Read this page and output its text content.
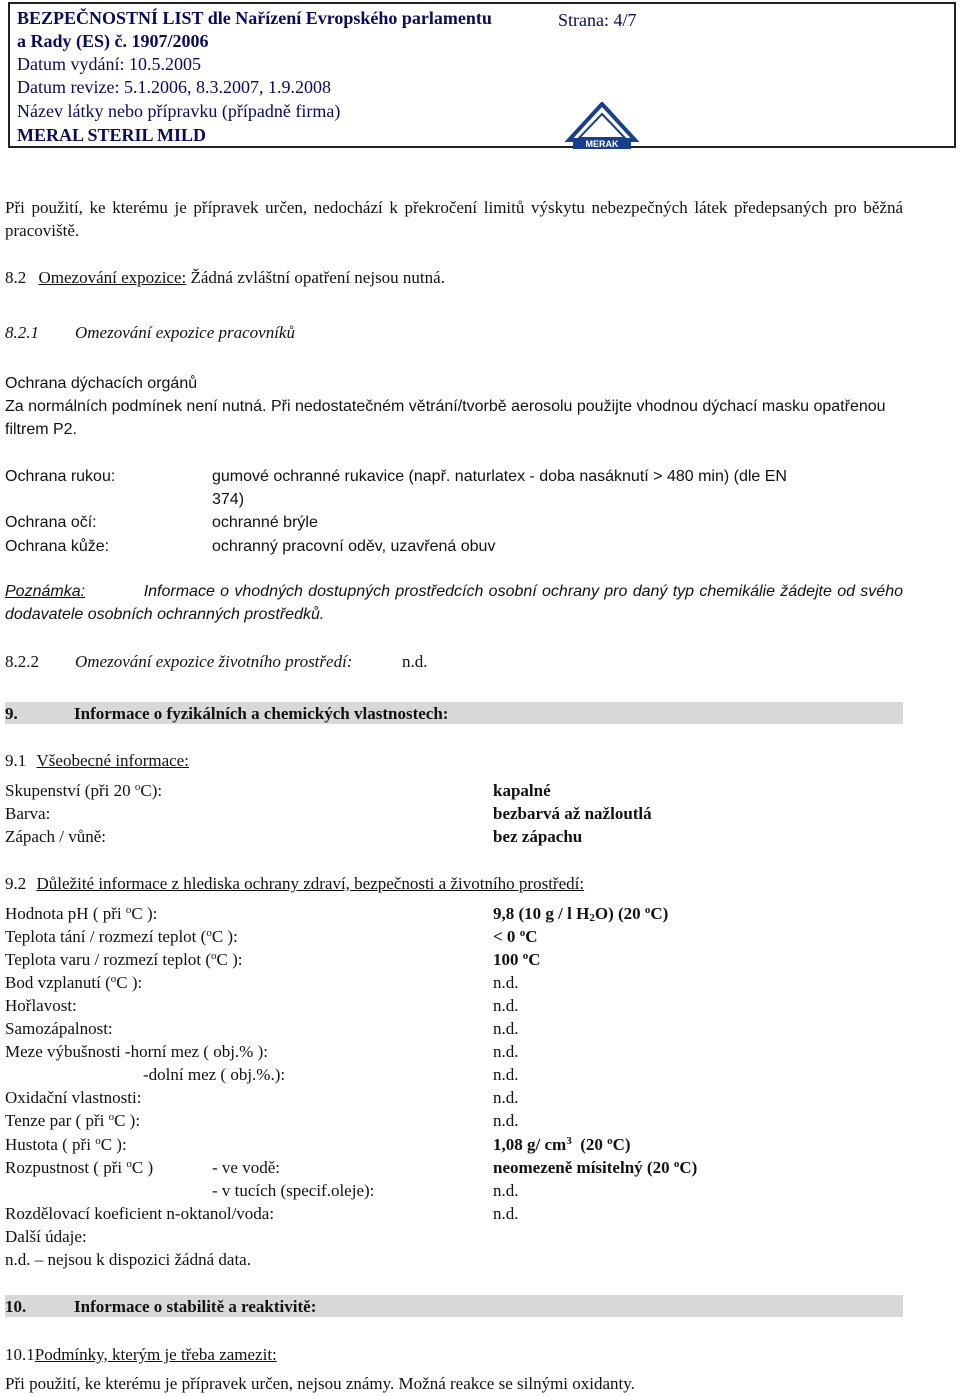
BEZPEČNOSTNÍ LIST dle Nařízení Evropského parlamentu	Strana: 4/7
a Rady (ES) č. 1907/2006
Datum vydání: 10.5.2005
Datum revize: 5.1.2006, 8.3.2007, 1.9.2008
Název látky nebo přípravku (případně firma)
MERAL STERIL MILD	MERAK
Při použití, ke kterému je přípravek určen, nedochází k překročení limitů výskytu nebezpečných látek předepsaných pro běžná pracoviště.
8.2 Omezování expozice: Žádná zvláštní opatření nejsou nutná.
8.2.1 Omezování expozice pracovníků
Ochrana dýchacích orgánů
Za normálních podmínek není nutná. Při nedostatečném větrání/tvorbě aerosolu použijte vhodnou dýchací masku opatřenou filtrem P2.
Ochrana rukou:	gumové ochranné rukavice (např. naturlatex - doba nasáknutí > 480 min) (dle EN
374)
Ochrana očí:	ochranné brýle
Ochrana kůže:	ochranný pracovní oděv, uzavřená obuv
Poznámka:	Informace o vhodných dostupných prostředcích osobní ochrany pro daný typ chemikálie žádejte od svého dodavatele osobních ochranných prostředků.
8.2.2 Omezování expozice životního prostředí:	n.d.
9.	Informace o fyzikálních a chemických vlastnostech:
9.1 Všeobecné informace:
Skupenství (při 20 $^o$C):	kapalné
Barva:	bezbarvá až nažloutlá
Zápach / vůně:	bez zápachu
9.2 Důležité informace z hlediska ochrany zdraví, bezpečnosti a životního prostředí:
Hodnota pH ( při $^o$C ):	9,8 (10 g / l $H_2O$) (20 $^o$C)
Teplota tání / rozmezí teplot ($^o$C ):	< 0 $^o$C
Teplota varu / rozmezí teplot ($^o$C ):	100 $^o$C
Bod vzplanutí ($^o$C ):	n.d.
Hořlavost:	n.d.
Samozápalnost:	n.d.
Meze výbušnosti -horní mez ( obj.% ):	n.d.
-dolní mez ( obj.%.):	n.d.
Oxidační vlastnosti:	n.d.
Tenze par ( při $^o$C ):	n.d.
Hustota ( při $^o$C ):	1,08 g/ $cm^3$  (20 $^o$C)
Rozpustnost ( při $^o$C )	- ve vodě:	neomezeně mísitelný (20 $^o$C)
- v tucích (specif.oleje):	n.d.
Rozdělovací koeficient n-oktanol/voda:	n.d.
Další údaje:
n.d. – nejsou k dispozici žádná data.
10.	Informace o stabilitě a reaktivitě:
10.1Podmínky, kterým je třeba zamezit:
Při použití, ke kterému je přípravek určen, nejsou známy. Možná reakce se silnými oxidanty.
